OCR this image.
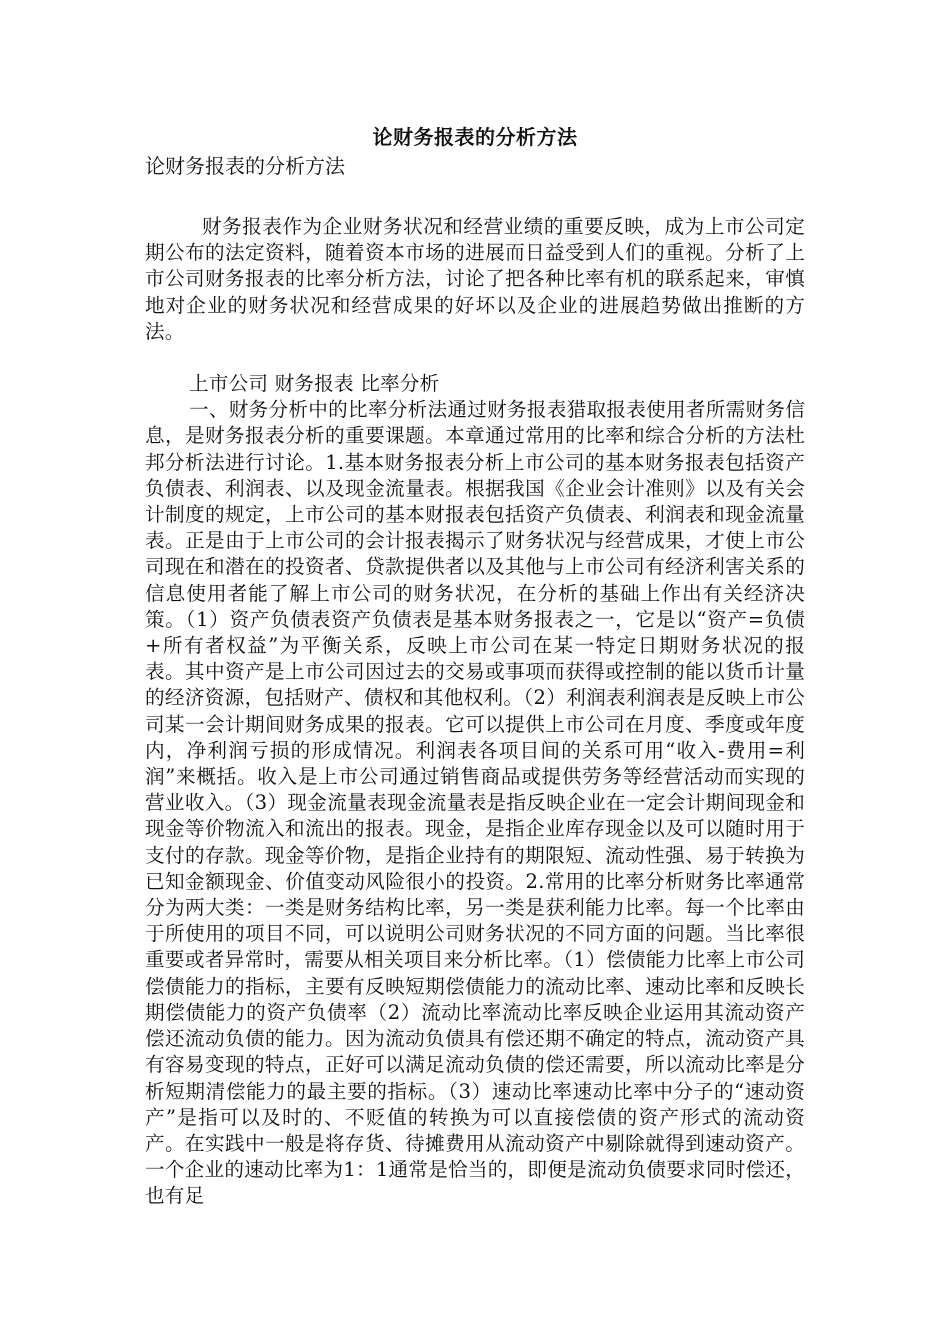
论财务报表的分析方法

论财务报表的分析方法

财务报表作为企业财务状况和经营业绩的重要反映，成为上市公司定期公布的法定资料，随着资本市场的进展而日益受到人们的重视。分析了上市公司财务报表的比率分析方法，讨论了把各种比率有机的联系起来，审慎地对企业的财务状况和经营成果的好坏以及企业的进展趋势做出推断的方法。

上市公司 财务报表 比率分析

一、财务分析中的比率分析法通过财务报表猎取报表使用者所需财务信息，是财务报表分析的重要课题。本章通过常用的比率和综合分析的方法杜邦分析法进行讨论。1.基本财务报表分析上市公司的基本财务报表包括资产负债表、利润表、以及现金流量表。根据我国《企业会计准则》以及有关会计制度的规定，上市公司的基本财报表包括资产负债表、利润表和现金流量表。正是由于上市公司的会计报表揭示了财务状况与经营成果，才使上市公司现在和潜在的投资者、贷款提供者以及其他与上市公司有经济利害关系的信息使用者能了解上市公司的财务状况，在分析的基础上作出有关经济决策。（1）资产负债表资产负债表是基本财务报表之一，它是以“资产=负债+所有者权益”为平衡关系，反映上市公司在某一特定日期财务状况的报表。其中资产是上市公司因过去的交易或事项而获得或控制的能以货币计量的经济资源，包括财产、债权和其他权利。（2）利润表利润表是反映上市公司某一会计期间财务成果的报表。它可以提供上市公司在月度、季度或年度内，净利润亏损的形成情况。利润表各项目间的关系可用“收入-费用=利润”来概括。收入是上市公司通过销售商品或提供劳务等经营活动而实现的营业收入。（3）现金流量表现金流量表是指反映企业在一定会计期间现金和现金等价物流入和流出的报表。现金，是指企业库存现金以及可以随时用于支付的存款。现金等价物，是指企业持有的期限短、流动性强、易于转换为已知金额现金、价值变动风险很小的投资。2.常用的比率分析财务比率通常分为两大类：一类是财务结构比率，另一类是获利能力比率。每一个比率由于所使用的项目不同，可以说明公司财务状况的不同方面的问题。当比率很重要或者异常时，需要从相关项目来分析比率。（1）偿债能力比率上市公司偿债能力的指标，主要有反映短期偿债能力的流动比率、速动比率和反映长期偿债能力的资产负债率（2）流动比率流动比率反映企业运用其流动资产偿还流动负债的能力。因为流动负债具有偿还期不确定的特点，流动资产具有容易变现的特点，正好可以满足流动负债的偿还需要，所以流动比率是分析短期清偿能力的最主要的指标。（3）速动比率速动比率中分子的“速动资产”是指可以及时的、不贬值的转换为可以直接偿债的资产形式的流动资产。在实践中一般是将存货、待摊费用从流动资产中剔除就得到速动资产。一个企业的速动比率为1：1通常是恰当的，即便是流动负债要求同时偿还，也有足
